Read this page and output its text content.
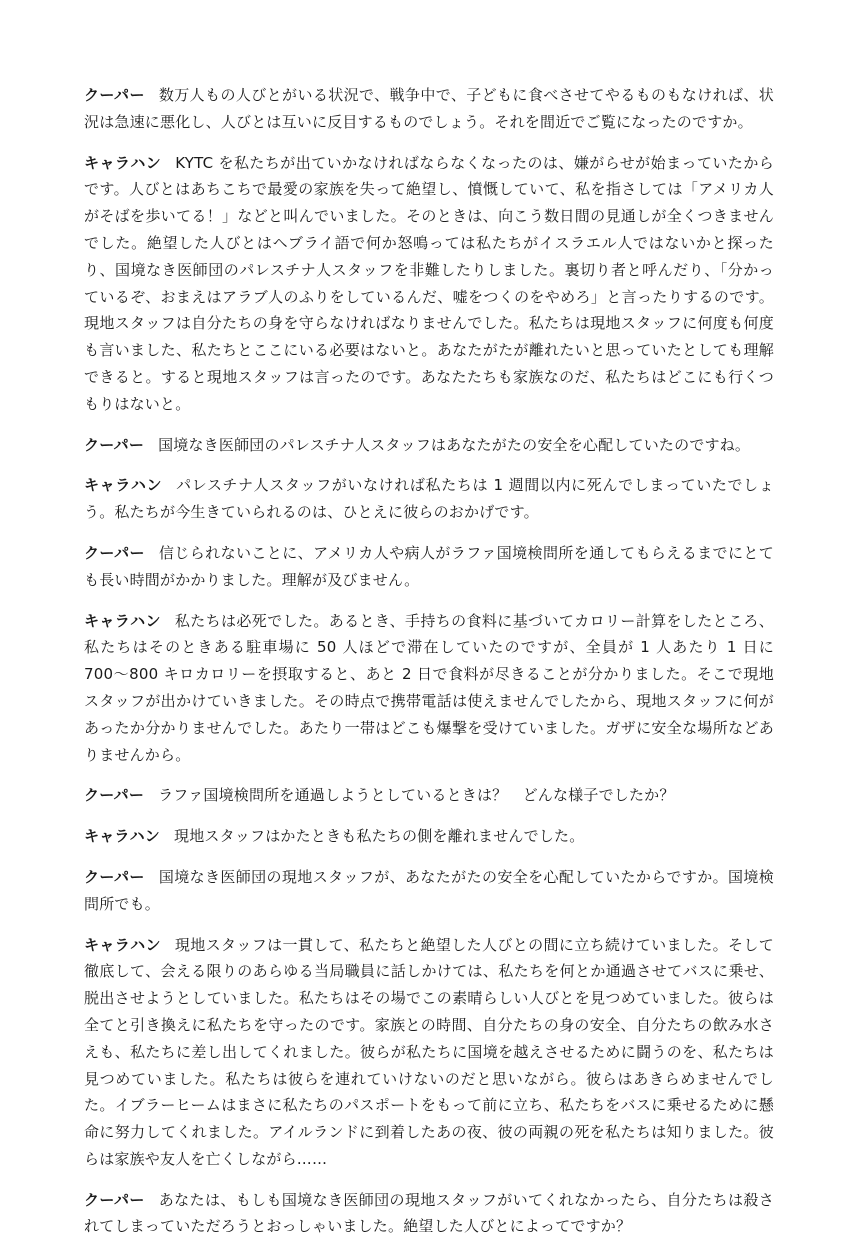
クーパー 数万人もの人びとがいる状況で、戦争中で、子どもに食べさせてやるものもなければ、状況は急速に悪化し、人びとは互いに反目するものでしょう。それを間近でご覧になったのですか。

キャラハン KYTC を私たちが出ていかなければならなくなったのは、嫌がらせが始まっていたからです。人びとはあちこちで最愛の家族を失って絶望し、憤慨していて、私を指さしては「アメリカ人がそばを歩いてる！」などと叫んでいました。そのときは、向こう数日間の見通しが全くつきませんでした。絶望した人びとはヘブライ語で何か怒鳴っては私たちがイスラエル人ではないかと探ったり、国境なき医師団のパレスチナ人スタッフを非難したりしました。裏切り者と呼んだり、「分かっているぞ、おまえはアラブ人のふりをしているんだ、嘘をつくのをやめろ」と言ったりするのです。現地スタッフは自分たちの身を守らなければなりませんでした。私たちは現地スタッフに何度も何度も言いました、私たちとここにいる必要はないと。あなたがたが離れたいと思っていたとしても理解できると。すると現地スタッフは言ったのです。あなたたちも家族なのだ、私たちはどこにも行くつもりはないと。

クーパー 国境なき医師団のパレスチナ人スタッフはあなたがたの安全を心配していたのですね。

キャラハン パレスチナ人スタッフがいなければ私たちは 1 週間以内に死んでしまっていたでしょう。私たちが今生きていられるのは、ひとえに彼らのおかげです。

クーパー 信じられないことに、アメリカ人や病人がラファ国境検問所を通してもらえるまでにとても長い時間がかかりました。理解が及びません。

キャラハン 私たちは必死でした。あるとき、手持ちの食料に基づいてカロリー計算をしたところ、私たちはそのときある駐車場に 50 人ほどで滞在していたのですが、全員が 1 人あたり 1 日に 700〜800 キロカロリーを摂取すると、あと 2 日で食料が尽きることが分かりました。そこで現地スタッフが出かけていきました。その時点で携帯電話は使えませんでしたから、現地スタッフに何があったか分かりませんでした。あたり一帯はどこも爆撃を受けていました。ガザに安全な場所などありませんから。

クーパー ラファ国境検問所を通過しようとしているときは？　どんな様子でしたか？

キャラハン 現地スタッフはかたときも私たちの側を離れませんでした。

クーパー 国境なき医師団の現地スタッフが、あなたがたの安全を心配していたからですか。国境検問所でも。

キャラハン 現地スタッフは一貫して、私たちと絶望した人びとの間に立ち続けていました。そして徹底して、会える限りのあらゆる当局職員に話しかけては、私たちを何とか通過させてバスに乗せ、脱出させようとしていました。私たちはその場でこの素晴らしい人びとを見つめていました。彼らは全てと引き換えに私たちを守ったのです。家族との時間、自分たちの身の安全、自分たちの飲み水さえも、私たちに差し出してくれました。彼らが私たちに国境を越えさせるために闘うのを、私たちは見つめていました。私たちは彼らを連れていけないのだと思いながら。彼らはあきらめませんでした。イブラーヒームはまさに私たちのパスポートをもって前に立ち、私たちをバスに乗せるために懸命に努力してくれました。アイルランドに到着したあの夜、彼の両親の死を私たちは知りました。彼らは家族や友人を亡くしながら……

クーパー あなたは、もしも国境なき医師団の現地スタッフがいてくれなかったら、自分たちは殺されてしまっていただろうとおっしゃいました。絶望した人びとによってですか？
